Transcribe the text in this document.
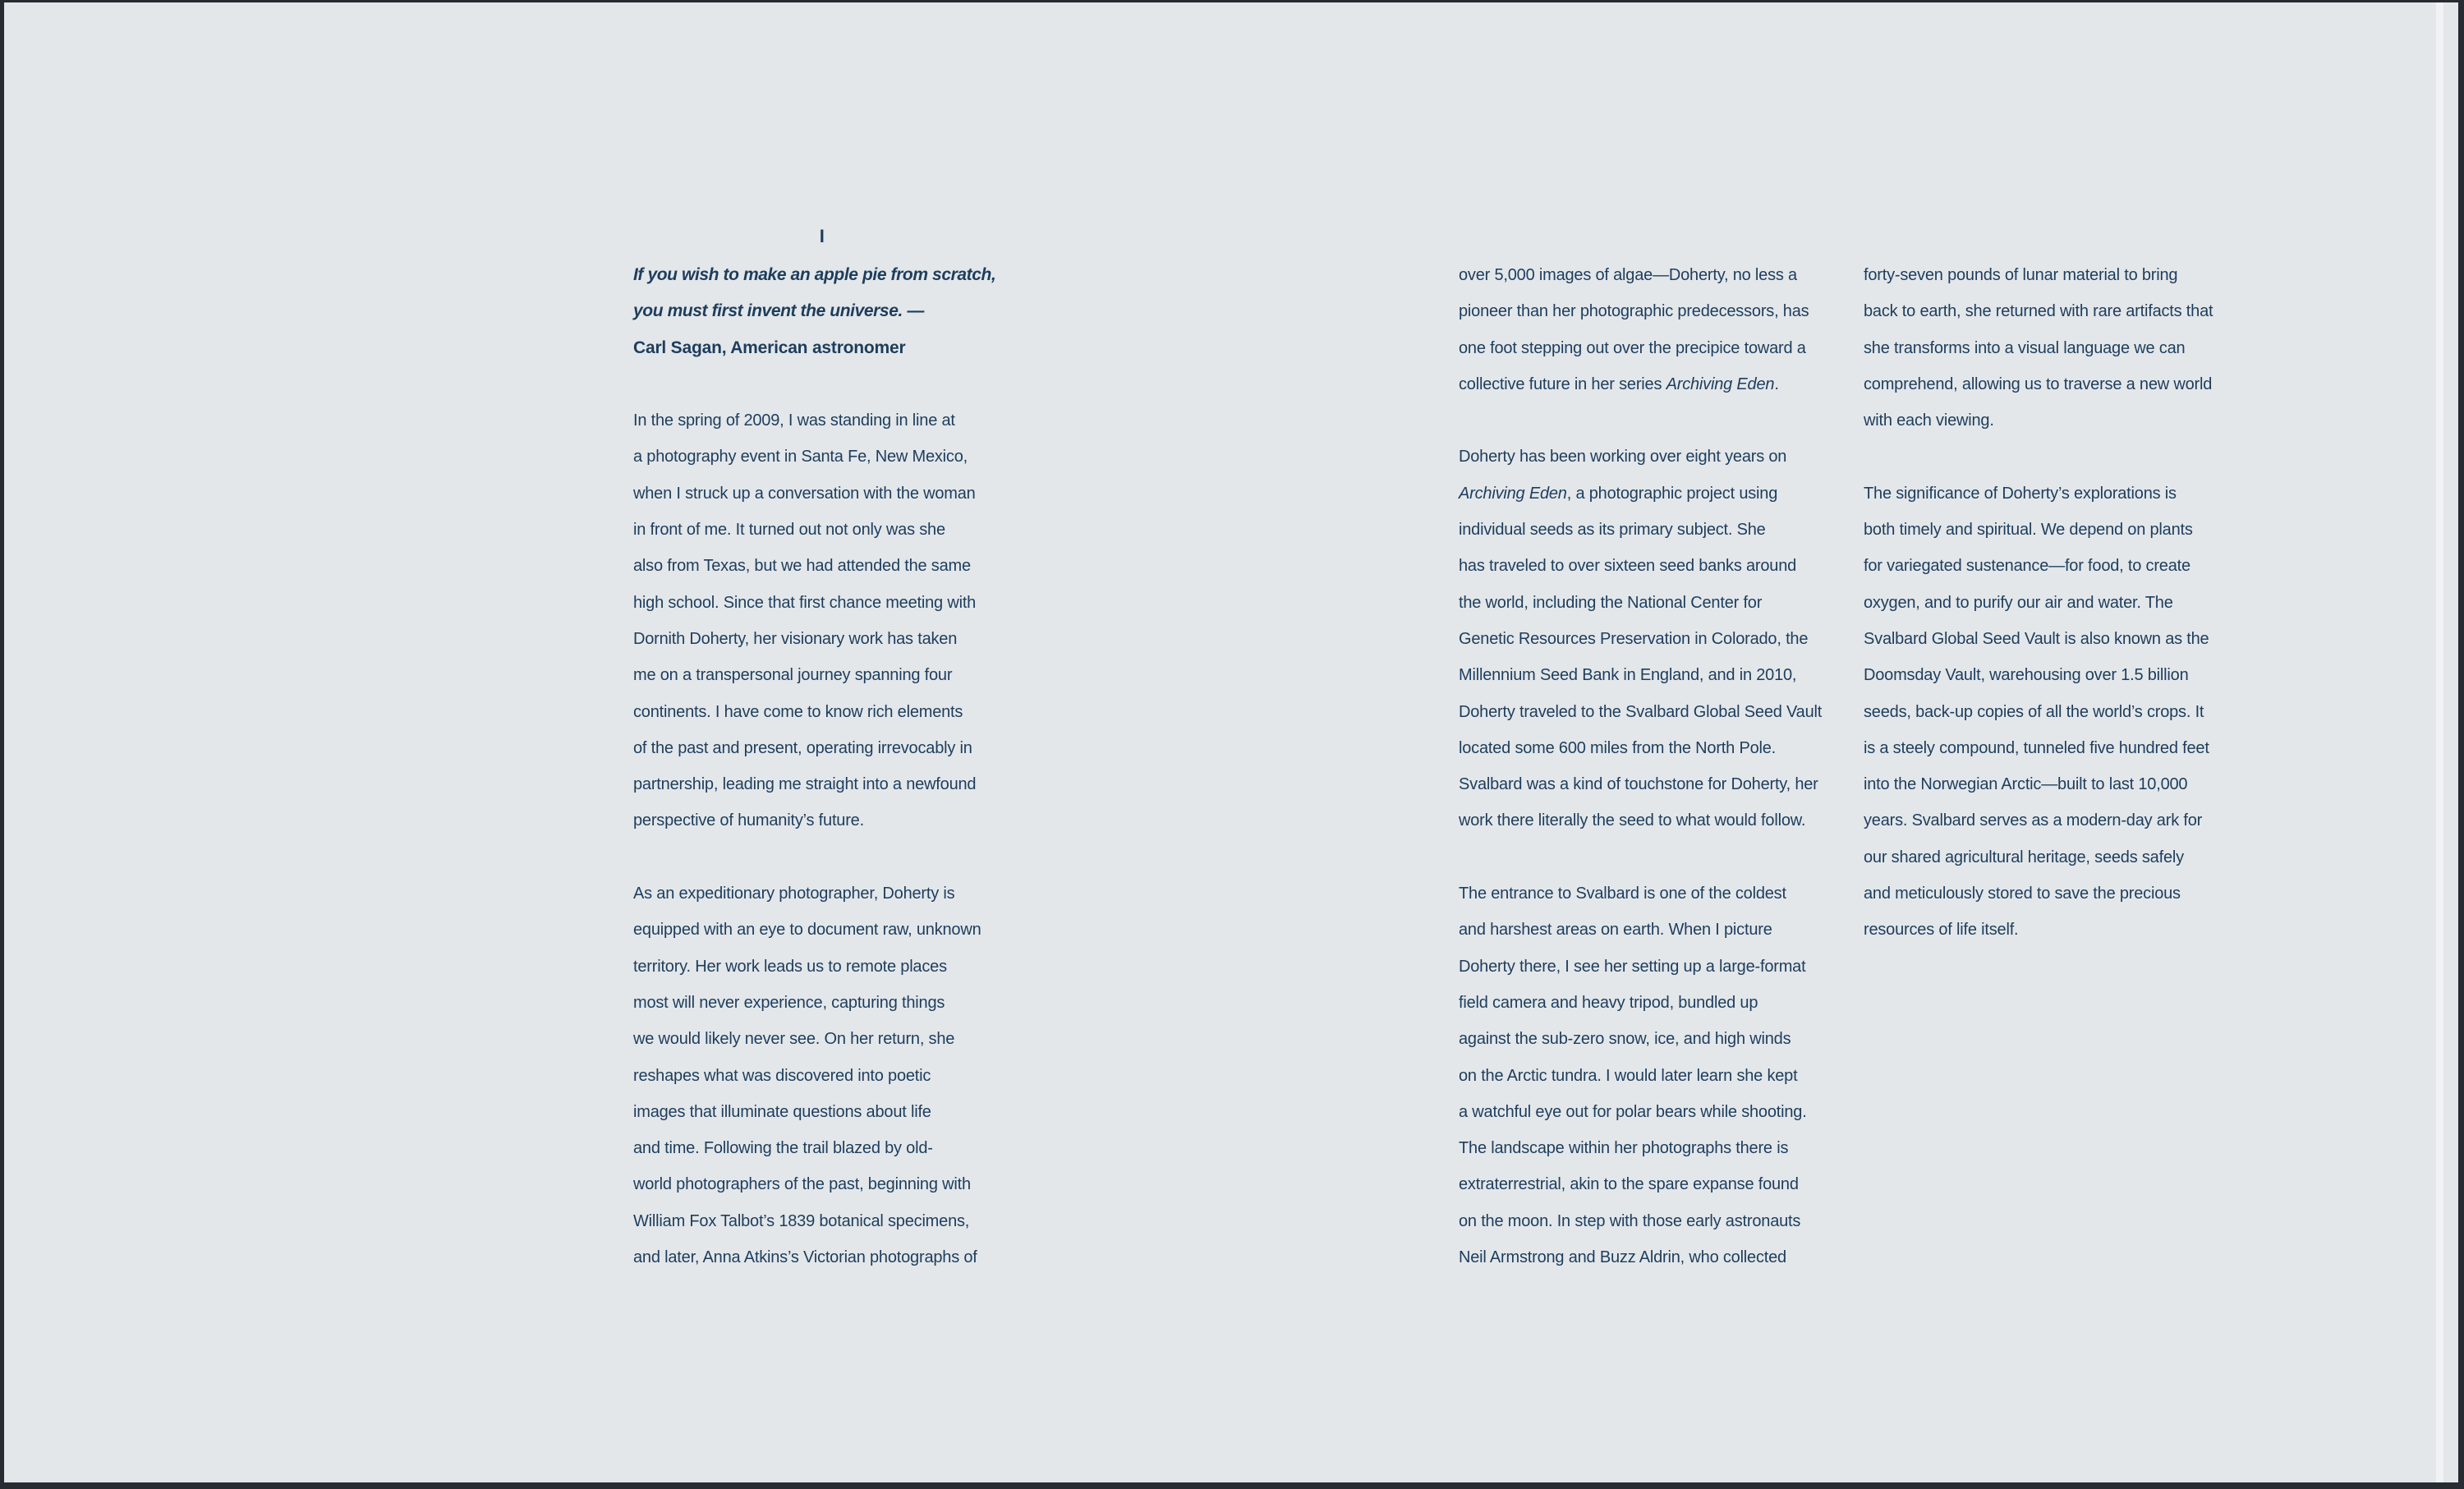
I
If you wish to make an apple pie from scratch,
you must first invent the universe. —
Carl Sagan, American astronomer
In the spring of 2009, I was standing in line at
a photography event in Santa Fe, New Mexico,
when I struck up a conversation with the woman
in front of me. It turned out not only was she
also from Texas, but we had attended the same
high school. Since that first chance meeting with
Dornith Doherty, her visionary work has taken
me on a transpersonal journey spanning four
continents. I have come to know rich elements
of the past and present, operating irrevocably in
partnership, leading me straight into a newfound
perspective of humanity’s future.
As an expeditionary photographer, Doherty is
equipped with an eye to document raw, unknown
territory. Her work leads us to remote places
most will never experience, capturing things
we would likely never see. On her return, she
reshapes what was discovered into poetic
images that illuminate questions about life
and time. Following the trail blazed by old-
world photographers of the past, beginning with
William Fox Talbot’s 1839 botanical specimens,
and later, Anna Atkins’s Victorian photographs of
over 5,000 images of algae—Doherty, no less a
pioneer than her photographic predecessors, has
one foot stepping out over the precipice toward a
collective future in her series Archiving Eden.
Doherty has been working over eight years on
Archiving Eden, a photographic project using
individual seeds as its primary subject. She
has traveled to over sixteen seed banks around
the world, including the National Center for
Genetic Resources Preservation in Colorado, the
Millennium Seed Bank in England, and in 2010,
Doherty traveled to the Svalbard Global Seed Vault
located some 600 miles from the North Pole.
Svalbard was a kind of touchstone for Doherty, her
work there literally the seed to what would follow.
The entrance to Svalbard is one of the coldest
and harshest areas on earth. When I picture
Doherty there, I see her setting up a large-format
field camera and heavy tripod, bundled up
against the sub-zero snow, ice, and high winds
on the Arctic tundra. I would later learn she kept
a watchful eye out for polar bears while shooting.
The landscape within her photographs there is
extraterrestrial, akin to the spare expanse found
on the moon. In step with those early astronauts
Neil Armstrong and Buzz Aldrin, who collected
forty-seven pounds of lunar material to bring
back to earth, she returned with rare artifacts that
she transforms into a visual language we can
comprehend, allowing us to traverse a new world
with each viewing.
The significance of Doherty’s explorations is
both timely and spiritual. We depend on plants
for variegated sustenance—for food, to create
oxygen, and to purify our air and water. The
Svalbard Global Seed Vault is also known as the
Doomsday Vault, warehousing over 1.5 billion
seeds, back-up copies of all the world’s crops. It
is a steely compound, tunneled five hundred feet
into the Norwegian Arctic—built to last 10,000
years. Svalbard serves as a modern-day ark for
our shared agricultural heritage, seeds safely
and meticulously stored to save the precious
resources of life itself.
